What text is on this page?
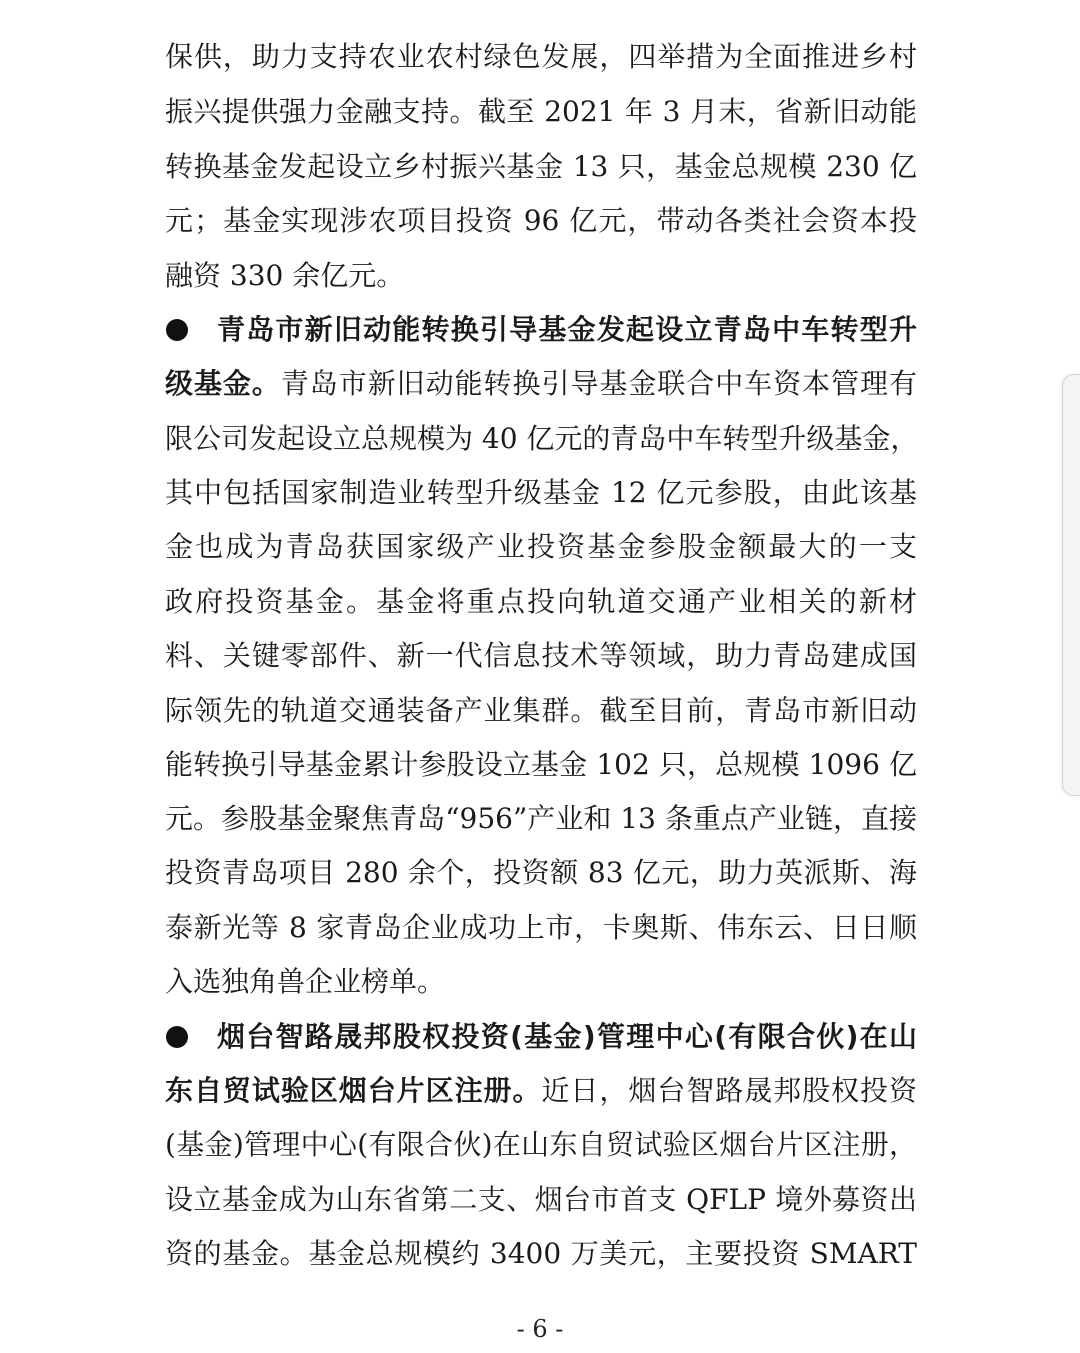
保供，助力支持农业农村绿色发展，四举措为全面推进乡村
振兴提供强力金融支持。截至 2021 年 3 月末，省新旧动能
转换基金发起设立乡村振兴基金 13 只，基金总规模 230 亿
元；基金实现涉农项目投资 96 亿元，带动各类社会资本投
融资 330 余亿元。
青岛市新旧动能转换引导基金发起设立青岛中车转型升
级基金。青岛市新旧动能转换引导基金联合中车资本管理有
限公司发起设立总规模为 40 亿元的青岛中车转型升级基金，
其中包括国家制造业转型升级基金 12 亿元参股，由此该基
金也成为青岛获国家级产业投资基金参股金额最大的一支
政府投资基金。基金将重点投向轨道交通产业相关的新材
料、关键零部件、新一代信息技术等领域，助力青岛建成国
际领先的轨道交通装备产业集群。截至目前，青岛市新旧动
能转换引导基金累计参股设立基金 102 只，总规模 1096 亿
元。参股基金聚焦青岛“956”产业和 13 条重点产业链，直接
投资青岛项目 280 余个，投资额 83 亿元，助力英派斯、海
泰新光等 8 家青岛企业成功上市，卡奥斯、伟东云、日日顺
入选独角兽企业榜单。
烟台智路晟邦股权投资(基金)管理中心(有限合伙)在山
东自贸试验区烟台片区注册。近日，烟台智路晟邦股权投资
(基金)管理中心(有限合伙)在山东自贸试验区烟台片区注册，
设立基金成为山东省第二支、烟台市首支 QFLP 境外募资出
资的基金。基金总规模约 3400 万美元，主要投资 SMART
- 6 -
